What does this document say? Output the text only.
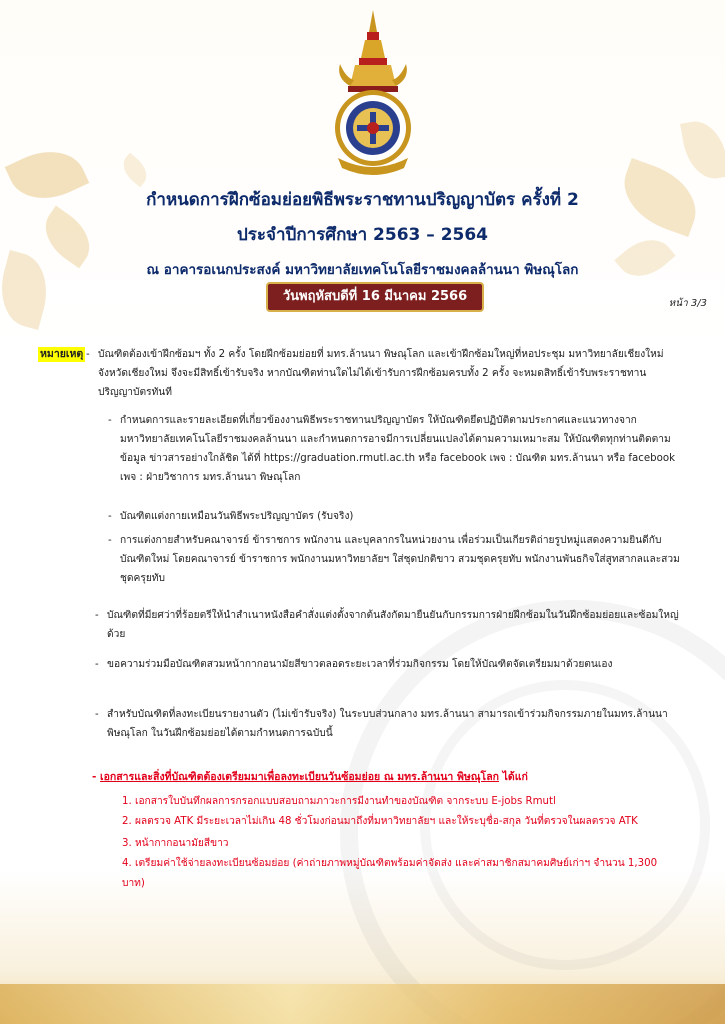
กำหนดการฝึกซ้อมย่อยพิธีพระราชทานปริญญาบัตร ครั้งที่ 2
ประจำปีการศึกษา 2563 – 2564
ณ อาคารอเนกประสงค์ มหาวิทยาลัยเทคโนโลยีราชมงคลล้านนา พิษณุโลก
วันพฤหัสบดีที่ 16 มีนาคม 2566	หน้า 3/3
หมายเหตุ - บัณฑิตต้องเข้าฝึกซ้อมฯ ทั้ง 2 ครั้ง โดยฝึกซ้อมย่อยที่ มทร.ล้านนา พิษณุโลก และเข้าฝึกซ้อมใหญ่ที่หอประชุม มหาวิทยาลัยเชียงใหม่จังหวัดเชียงใหม่ จึงจะมีสิทธิ์เข้ารับจริง หากบัณฑิตท่านใดไม่ได้เข้ารับการฝึกซ้อมครบทั้ง 2 ครั้ง จะหมดสิทธิ์เข้ารับพระราชทานปริญญาบัตรทันที
- กำหนดการและรายละเอียดที่เกี่ยวข้องงานพิธีพระราชทานปริญญาบัตร ให้บัณฑิตยึดปฏิบัติตามประกาศและแนวทางจากมหาวิทยาลัยเทคโนโลยีราชมงคลล้านนา และกำหนดการอาจมีการเปลี่ยนแปลงได้ตามความเหมาะสม ให้บัณฑิตทุกท่านติดตามข้อมูล ข่าวสารอย่างใกล้ชิด ได้ที่ https://graduation.rmutl.ac.th หรือ facebook เพจ : บัณฑิต มทร.ล้านนา หรือ facebook เพจ : ฝ่ายวิชาการ มทร.ล้านนา พิษณุโลก
- บัณฑิตแต่งกายเหมือนวันพิธีพระปริญญาบัตร (รับจริง)
- การแต่งกายสำหรับคณาจารย์ ข้าราชการ พนักงาน และบุคลากรในหน่วยงาน เพื่อร่วมเป็นเกียรติถ่ายรูปหมู่แสดงความยินดีกับบัณฑิตใหม่ โดยคณาจารย์ ข้าราชการ พนักงานมหาวิทยาลัยฯ ใส่ชุดปกติขาว สวมชุดครุยทับ พนักงานพันธกิจใส่สูทสากลและสวมชุดครุยทับ
- บัณฑิตที่มียศว่าที่ร้อยตรีให้นำสำเนาหนังสือคำสั่งแต่งตั้งจากต้นสังกัดมายืนยันกับกรรมการฝ่ายฝึกซ้อมในวันฝึกซ้อมย่อยและซ้อมใหญ่ด้วย
- ขอความร่วมมือบัณฑิตสวมหน้ากากอนามัยสีขาวตลอดระยะเวลาที่ร่วมกิจกรรม โดยให้บัณฑิตจัดเตรียมมาด้วยตนเอง
- สำหรับบัณฑิตที่ลงทะเบียนรายงานตัว (ไม่เข้ารับจริง) ในระบบส่วนกลาง มทร.ล้านนา สามารถเข้าร่วมกิจกรรมภายในมทร.ล้านนา พิษณุโลก ในวันฝึกซ้อมย่อยได้ตามกำหนดการฉบับนี้
- เอกสารและสิ่งที่บัณฑิตต้องเตรียมมาเพื่อลงทะเบียนวันซ้อมย่อย ณ มทร.ล้านนา พิษณุโลก ได้แก่
1. เอกสารใบบันทึกผลการกรอกแบบสอบถามภาวะการมีงานทำของบัณฑิต จากระบบ E-jobs Rmutl
2. ผลตรวจ ATK มีระยะเวลาไม่เกิน 48 ชั่วโมงก่อนมาถึงที่มหาวิทยาลัยฯ และให้ระบุชื่อ-สกุล วันที่ตรวจในผลตรวจ ATK
3. หน้ากากอนามัยสีขาว
4. เตรียมค่าใช้จ่ายลงทะเบียนซ้อมย่อย (ค่าถ่ายภาพหมู่บัณฑิตพร้อมค่าจัดส่ง และค่าสมาชิกสมาคมศิษย์เก่าฯ จำนวน 1,300 บาท)
